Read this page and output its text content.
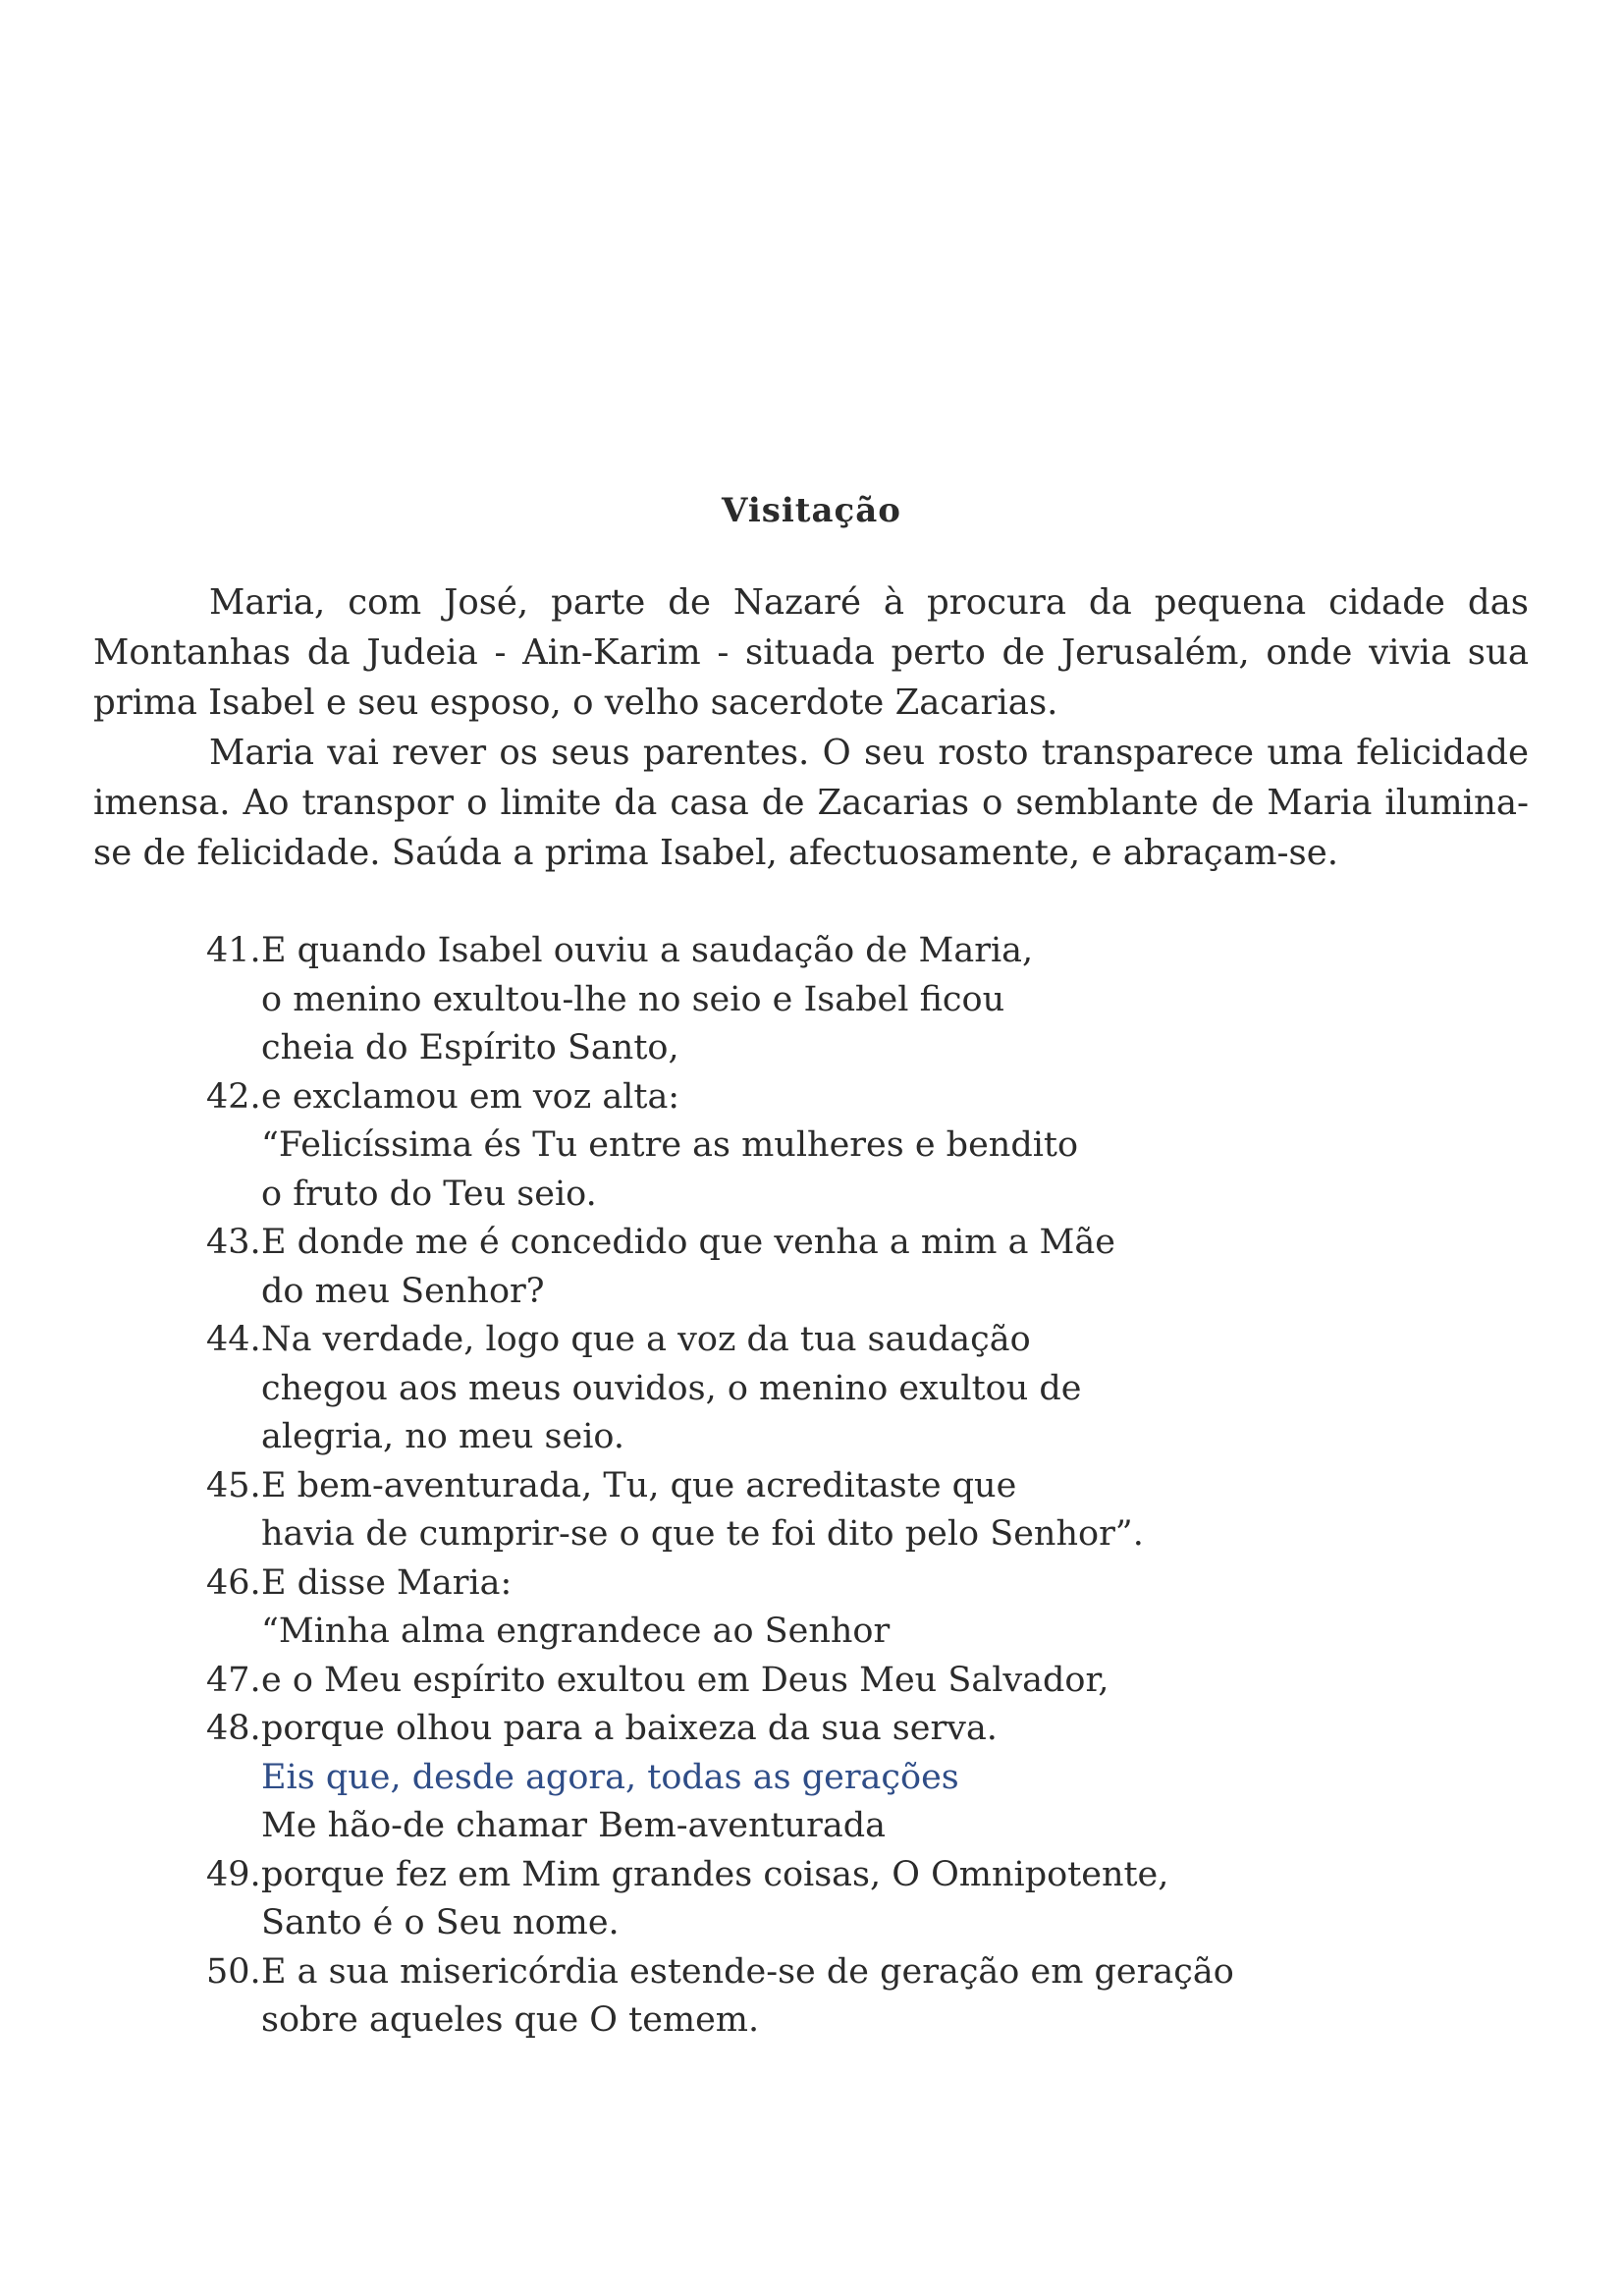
Visitação

Maria, com José, parte de Nazaré à procura da pequena cidade das Montanhas da Judeia - Ain-Karim - situada perto de Jerusalém, onde vivia sua prima Isabel e seu esposo, o velho sacerdote Zacarias.

Maria vai rever os seus parentes. O seu rosto transparece uma felicidade imensa. Ao transpor o limite da casa de Zacarias o semblante de Maria ilumina-se de felicidade. Saúda a prima Isabel, afectuosamente, e abraçam-se.

41. E quando Isabel ouviu a saudação de Maria,
o menino exultou-lhe no seio e Isabel ficou
cheia do Espírito Santo,
42. e exclamou em voz alta:
“Felicíssima és Tu entre as mulheres e bendito
o fruto do Teu seio.
43. E donde me é concedido que venha a mim a Mãe
do meu Senhor?
44. Na verdade, logo que a voz da tua saudação
chegou aos meus ouvidos, o menino exultou de
alegria, no meu seio.
45. E bem-aventurada, Tu, que acreditaste que
havia de cumprir-se o que te foi dito pelo Senhor”.
46. E disse Maria:
“Minha alma engrandece ao Senhor
47. e o Meu espírito exultou em Deus Meu Salvador,
48. porque olhou para a baixeza da sua serva.
Eis que, desde agora, todas as gerações
Me hão-de chamar Bem-aventurada
49. porque fez em Mim grandes coisas, O Omnipotente,
Santo é o Seu nome.
50. E a sua misericórdia estende-se de geração em geração
sobre aqueles que O temem.
